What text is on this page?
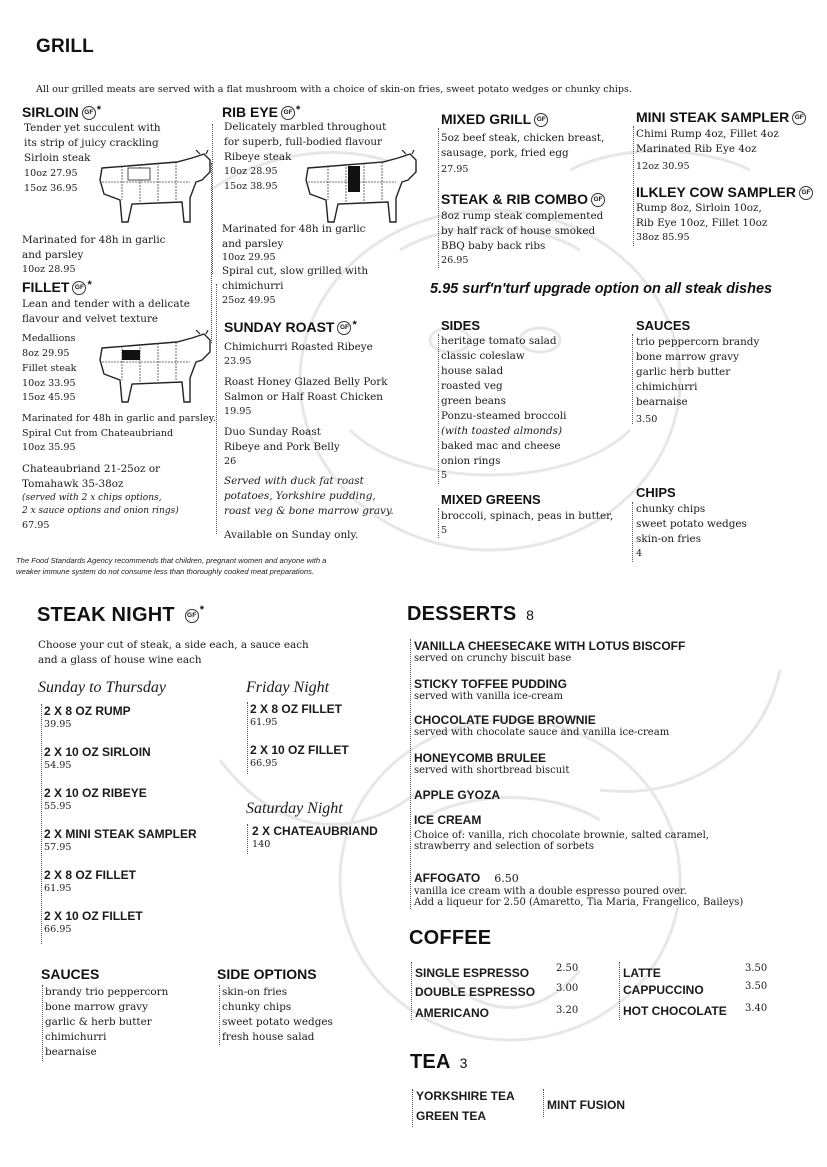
GRILL
All our grilled meats are served with a flat mushroom with a choice of skin-on fries, sweet potato wedges or chunky chips.
SIRLOIN GF *
Tender yet succulent with
its strip of juicy crackling
Sirloin steak
10oz 27.95
15oz 36.95
Marinated for 48h in garlic
and parsley
10oz 28.95
RIB EYE GF *
Delicately marbled throughout
for superb, full-bodied flavour
Ribeye steak
10oz 28.95
15oz 38.95
Marinated for 48h in garlic
and parsley
10oz 29.95
Spiral cut, slow grilled with
chimichurri
25oz 49.95
FILLET GF *
Lean and tender with a delicate
flavour and velvet texture
Medallions
8oz 29.95
Fillet steak
10oz 33.95
15oz 45.95
Marinated for 48h in garlic and parsley.
Spiral Cut from Chateaubriand
10oz 35.95
Chateaubriand 21-25oz or
Tomahawk 35-38oz
(served with 2 x chips options,
2 x sauce options and onion rings)
67.95
SUNDAY ROAST GF *
Chimichurri Roasted Ribeye
23.95
Roast Honey Glazed Belly Pork
Salmon or Half Roast Chicken
19.95
Duo Sunday Roast
Ribeye and Pork Belly
26
Served with duck fat roast
potatoes, Yorkshire pudding,
roast veg & bone marrow gravy.
Available on Sunday only.
MIXED GRILL GF
5oz beef steak, chicken breast,
sausage, pork, fried egg
27.95
STEAK & RIB COMBO GF
8oz rump steak complemented
by half rack of house smoked
BBQ baby back ribs
26.95
MINI STEAK SAMPLER GF
Chimi Rump 4oz, Fillet 4oz
Marinated Rib Eye 4oz
12oz 30.95
ILKLEY COW SAMPLER GF
Rump 8oz, Sirloin 10oz,
Rib Eye 10oz, Fillet 10oz
38oz 85.95
5.95 surf'n'turf upgrade option on all steak dishes
SIDES
heritage tomato salad
classic coleslaw
house salad
roasted veg
green beans
Ponzu-steamed broccoli
(with toasted almonds)
baked mac and cheese
onion rings
5
SAUCES
trio peppercorn brandy
bone marrow gravy
garlic herb butter
chimichurri
bearnaise
3.50
MIXED GREENS
broccoli, spinach, peas in butter,
5
CHIPS
chunky chips
sweet potato wedges
skin-on fries
4
The Food Standards Agency recommends that children, pregnant women and anyone with a
weaker immune system do not consume less than thoroughly cooked meat preparations.
STEAK NIGHT GF *
Choose your cut of steak, a side each, a sauce each
and a glass of house wine each
Sunday to Thursday
2 X 8 OZ RUMP
39.95
2 X 10 OZ SIRLOIN
54.95
2 X 10 OZ RIBEYE
55.95
2 X MINI STEAK SAMPLER
57.95
2 X 8 OZ FILLET
61.95
2 X 10 OZ FILLET
66.95
Friday Night
2 X 8 OZ FILLET
61.95
2 X 10 OZ FILLET
66.95
Saturday Night
2 X CHATEAUBRIAND
140
SAUCES
brandy trio peppercorn
bone marrow gravy
garlic & herb butter
chimichurri
bearnaise
SIDE OPTIONS
skin-on fries
chunky chips
sweet potato wedges
fresh house salad
DESSERTS 8
VANILLA CHEESECAKE WITH LOTUS BISCOFF
served on crunchy biscuit base
STICKY TOFFEE PUDDING
served with vanilla ice-cream
CHOCOLATE FUDGE BROWNIE
served with chocolate sauce and vanilla ice-cream
HONEYCOMB BRULEE
served with shortbread biscuit
APPLE GYOZA
ICE CREAM
Choice of: vanilla, rich chocolate brownie, salted caramel,
strawberry and selection of sorbets
AFFOGATO 6.50
vanilla ice cream with a double espresso poured over.
Add a liqueur for 2.50 (Amaretto, Tia Maria, Frangelico, Baileys)
COFFEE
SINGLE ESPRESSO	2.50
DOUBLE ESPRESSO 3.00
AMERICANO	3.20
LATTE	3.50
CAPPUCCINO	3.50
HOT CHOCOLATE 3.40
TEA 3
YORKSHIRE TEA
GREEN TEA
MINT FUSION
